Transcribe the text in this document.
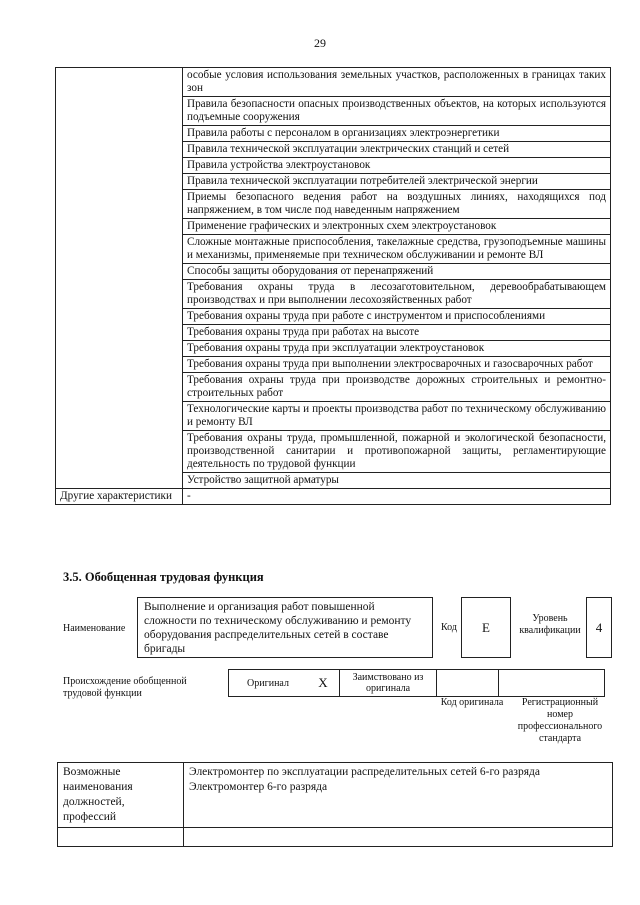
29
	особые условия использования земельных участков, расположенных в границах таких зон
	Правила безопасности опасных производственных объектов, на которых используются подъемные сооружения
	Правила работы с персоналом в организациях электроэнергетики
	Правила технической эксплуатации электрических станций и сетей
	Правила устройства электроустановок
	Правила технической эксплуатации потребителей электрической энергии
	Приемы безопасного ведения работ на воздушных линиях, находящихся под напряжением, в том числе под наведенным напряжением
	Применение графических и электронных схем электроустановок
	Сложные монтажные приспособления, такелажные средства, грузоподъемные машины и механизмы, применяемые при техническом обслуживании и ремонте ВЛ
	Способы защиты оборудования от перенапряжений
	Требования охраны труда в лесозаготовительном, деревообрабатывающем производствах и при выполнении лесохозяйственных работ
	Требования охраны труда при работе с инструментом и приспособлениями
	Требования охраны труда при работах на высоте
	Требования охраны труда при эксплуатации электроустановок
	Требования охраны труда при выполнении электросварочных и газосварочных работ
	Требования охраны труда при производстве дорожных строительных и ремонтно-строительных работ
	Технологические карты и проекты производства работ по техническому обслуживанию и ремонту ВЛ
	Требования охраны труда, промышленной, пожарной и экологической безопасности, производственной санитарии и противопожарной защиты, регламентирующие деятельность по трудовой функции
	Устройство защитной арматуры
Другие характеристики	-
3.5. Обобщенная трудовая функция
Наименование
Выполнение и организация работ повышенной сложности по техническому обслуживанию и ремонту оборудования распределительных сетей в составе бригады
Код	E
Уровень квалификации	4
Происхождение обобщенной трудовой функции
Оригинал	X	Заимствовано из оригинала		
Код оригинала	Регистрационный номер профессионального стандарта
Возможные наименования должностей, профессий	Электромонтер по эксплуатации распределительных сетей 6-го разряда
Электромонтер 6-го разряда
